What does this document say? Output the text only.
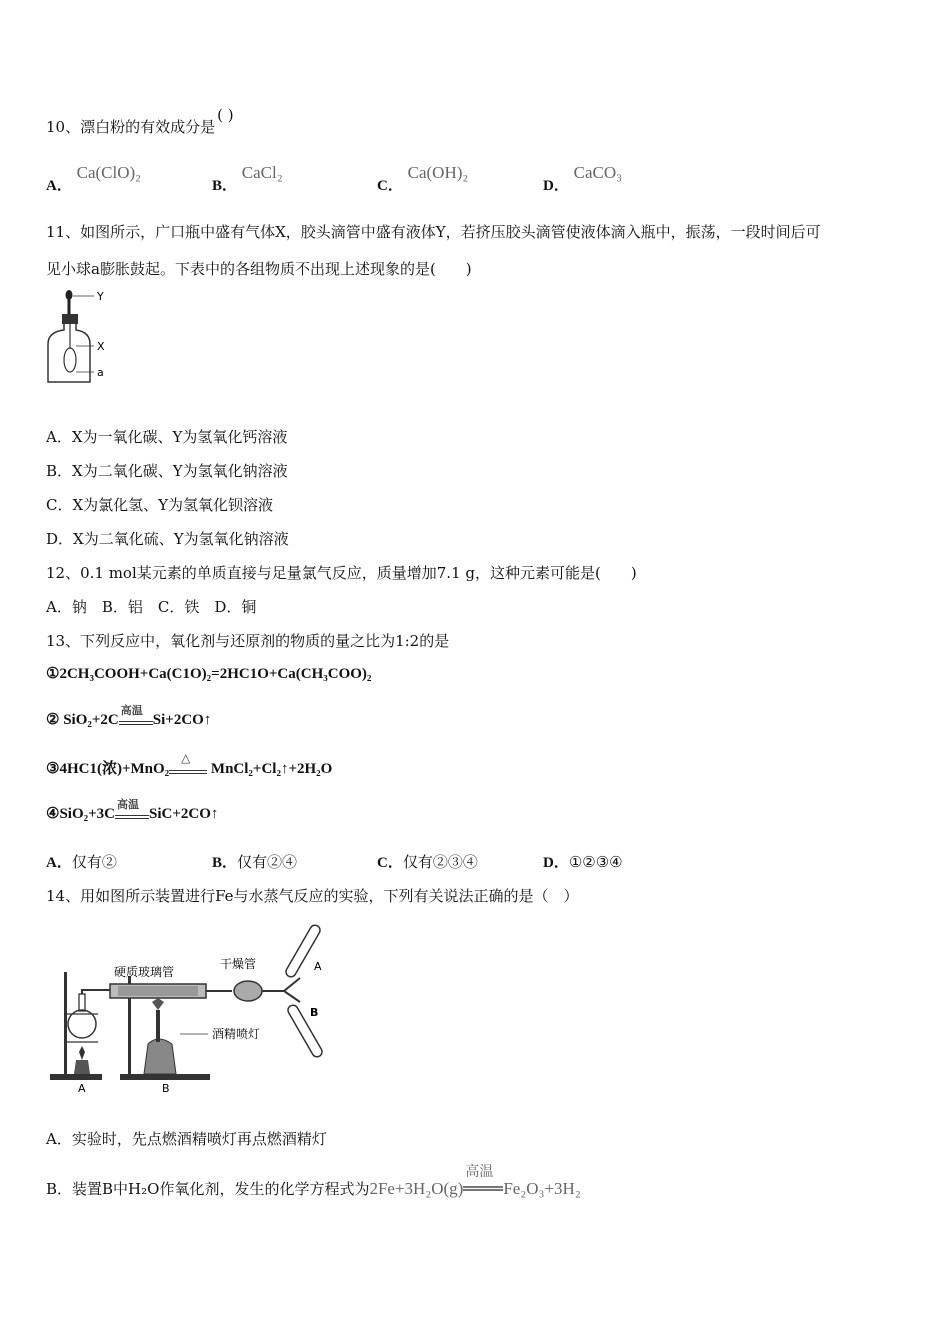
10、漂白粉的有效成分是( )
A． Ca(ClO)₂
B． CaCl₂
C． Ca(OH)₂
D． CaCO₃
11、如图所示，广口瓶中盛有气体X，胶头滴管中盛有液体Y，若挤压胶头滴管使液体滴入瓶中，振荡，一段时间后可
见小球a膨胀鼓起。下表中的各组物质不出现上述现象的是(　　)
Y
X
a
A．X为一氧化碳、Y为氢氧化钙溶液
B．X为二氧化碳、Y为氢氧化钠溶液
C．X为氯化氢、Y为氢氧化钡溶液
D．X为二氧化硫、Y为氢氧化钠溶液
12、0.1 mol某元素的单质直接与足量氯气反应，质量增加7.1 g，这种元素可能是(　　)
A．钠　B．铝　C．铁　D．铜
13、下列反应中，氧化剂与还原剂的物质的量之比为1:2的是
①2CH₃COOH+Ca(C1O)₂=2HC1O+Ca(CH₃COO)₂
② SiO₂+2C
高温
Si+2CO↑
③4HC1(浓)+MnO₂
△
MnCl₂+Cl₂↑+2H₂O
④SiO₂+3C
高温
SiC+2CO↑
A．仅有②	B．仅有②④	C．仅有②③④	D．①②③④
14、用如图所示装置进行Fe与水蒸气反应的实验，下列有关说法正确的是（　）
硬质玻璃管
干燥管
酒精喷灯
A	B
A
B
A．实验时，先点燃酒精喷灯再点燃酒精灯
B．装置B中H₂O作氧化剂，发生的化学方程式为2Fe+3H₂O(g)
高温
Fe₂O₃+3H₂
